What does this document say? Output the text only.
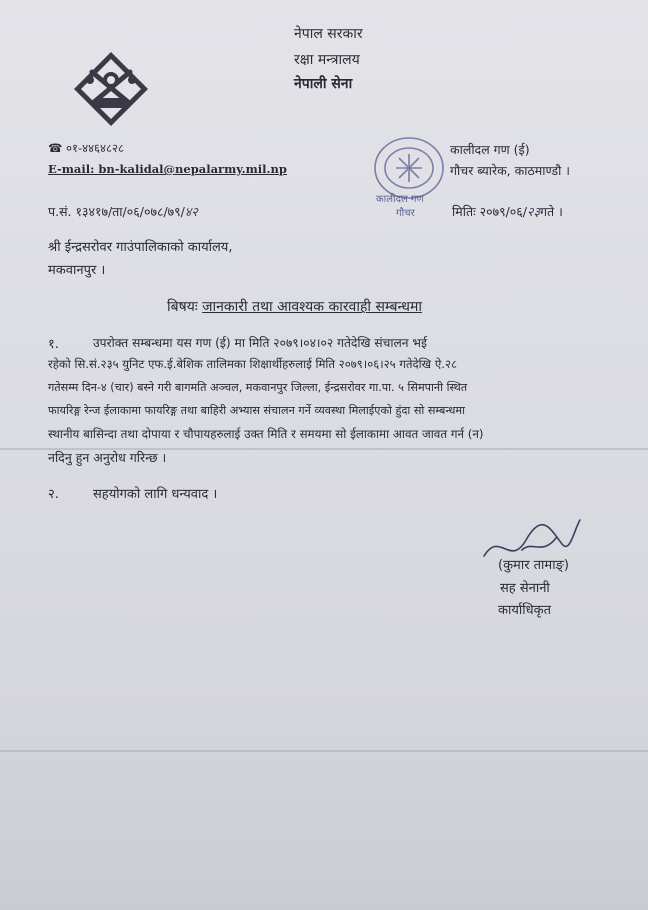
नेपाल सरकार
रक्षा मन्त्रालय
नेपाली सेना
☎ ०१-४४६४८२८
E-mail: bn-kalidal@nepalarmy.mil.np
कालीदल गण
गौचर
कालीदल गण (ई)
गौचर ब्यारेक, काठमाण्डौ ।
प.सं. १३४१७/ता/०६/०७८/७९/४२	मितिः २०७९/०६/२३गते ।
श्री ईन्द्रसरोवर गाउंपालिकाको कार्यालय,
मकवानपुर ।
बिषयः जानकारी तथा आवश्यक कारवाही सम्बन्धमा
१.	उपरोक्त सम्बन्धमा यस गण (ई) मा मिति २०७९।०४।०२ गतेदेखि संचालन भई
रहेको सि.सं.२३५ युनिट एफ.ई.बेशिक तालिमका शिक्षार्थीहरुलाई मिति २०७९।०६।२५ गतेदेखि ऐ.२८
गतेसम्म दिन-४ (चार) बस्ने गरी बागमति अञ्चल, मकवानपुर जिल्ला, ईन्द्रसरोवर गा.पा. ५ सिमपानी स्थित
फायरिङ्ग रेन्ज ईलाकामा फायरिङ्ग तथा बाहिरी अभ्यास संचालन गर्ने व्यवस्था मिलाईएको हुंदा सो सम्बन्धमा
स्थानीय बासिन्दा तथा दोपाया र चौपायहरुलाई उक्त मिति र समयमा सो ईलाकामा आवत जावत गर्न (न)
नदिनु हुन अनुरोध गरिन्छ ।
२.	सहयोगको लागि धन्यवाद ।
(कुमार तामाङ्)
सह सेनानी
कार्याधिकृत
